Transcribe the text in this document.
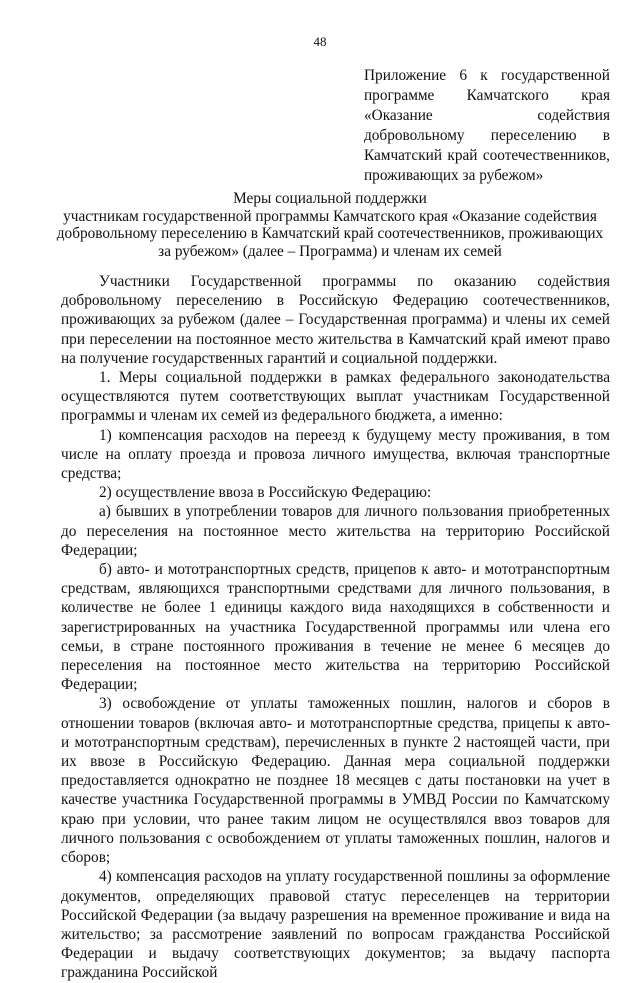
48
Приложение 6 к государственной программе Камчатского края «Оказание содействия добровольному переселению в Камчатский край соотечественников, проживающих за рубежом»
Меры социальной поддержки
участникам государственной программы Камчатского края «Оказание содействия
добровольному переселению в Камчатский край соотечественников, проживающих
за рубежом» (далее – Программа) и членам их семей

Участники Государственной программы по оказанию содействия добровольному переселению в Российскую Федерацию соотечественников, проживающих за рубежом (далее – Государственная программа) и члены их семей при переселении на постоянное место жительства в Камчатский край имеют право на получение государственных гарантий и социальной поддержки.

1. Меры социальной поддержки в рамках федерального законодательства осуществляются путем соответствующих выплат участникам Государственной программы и членам их семей из федерального бюджета, а именно:

1) компенсация расходов на переезд к будущему месту проживания, в том числе на оплату проезда и провоза личного имущества, включая транспортные средства;

2) осуществление ввоза в Российскую Федерацию:

а) бывших в употреблении товаров для личного пользования приобретенных до переселения на постоянное место жительства на территорию Российской Федерации;

б) авто- и мототранспортных средств, прицепов к авто- и мототранспортным средствам, являющихся транспортными средствами для личного пользования, в количестве не более 1 единицы каждого вида находящихся в собственности и зарегистрированных на участника Государственной программы или члена его семьи, в стране постоянного проживания в течение не менее 6 месяцев до переселения на постоянное место жительства на территорию Российской Федерации;

3) освобождение от уплаты таможенных пошлин, налогов и сборов в отношении товаров (включая авто- и мототранспортные средства, прицепы к авто- и мототранспортным средствам), перечисленных в пункте 2 настоящей части, при их ввозе в Российскую Федерацию. Данная мера социальной поддержки предоставляется однократно не позднее 18 месяцев с даты постановки на учет в качестве участника Государственной программы в УМВД России по Камчатскому краю при условии, что ранее таким лицом не осуществлялся ввоз товаров для личного пользования с освобождением от уплаты таможенных пошлин, налогов и сборов;

4) компенсация расходов на уплату государственной пошлины за оформление документов, определяющих правовой статус переселенцев на территории Российской Федерации (за выдачу разрешения на временное проживание и вида на жительство; за рассмотрение заявлений по вопросам гражданства Российской Федерации и выдачу соответствующих документов; за выдачу паспорта гражданина Российской
